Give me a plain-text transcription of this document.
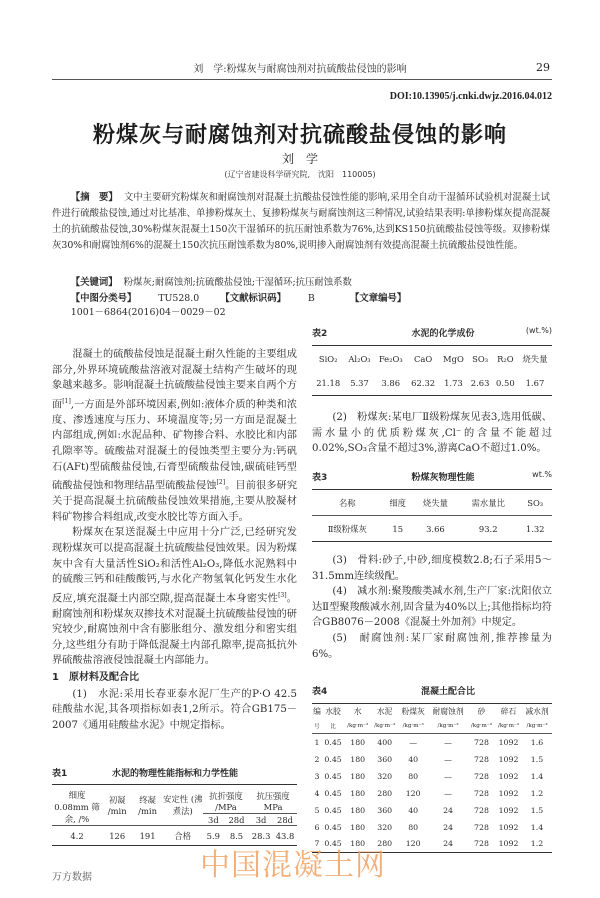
刘　学:粉煤灰与耐腐蚀剂对抗硫酸盐侵蚀的影响	29
DOI:10.13905/j.cnki.dwjz.2016.04.012
粉煤灰与耐腐蚀剂对抗硫酸盐侵蚀的影响
刘　学
(辽宁省建设科学研究院,　沈阳　110005)
【摘　要】 文中主要研究粉煤灰和耐腐蚀剂对混凝土抗酸盐侵蚀性能的影响,采用全自动干湿循环试验机对混凝土试件进行硫酸盐侵蚀,通过对比基准、单掺粉煤灰土、复掺粉煤灰与耐腐蚀剂这三种情况,试验结果表明:单掺粉煤灰提高混凝土的抗硫酸盐侵蚀,30%粉煤灰混凝土150次干湿循环的抗压耐蚀系数为76%,达到KS150抗硫酸盐侵蚀等级。双掺粉煤灰30%和耐腐蚀剂6%的混凝土150次抗压耐蚀系数为80%,说明掺入耐腐蚀剂有效提高混凝土抗硫酸盐侵蚀性能。
【关键词】 粉煤灰;耐腐蚀剂;抗硫酸盐侵蚀;干湿循环;抗压耐蚀系数
【中图分类号】 TU528.0 【文献标识码】 B	【文章编号】 1001－6864(2016)04－0029－02

混凝土的硫酸盐侵蚀是混凝土耐久性能的主要组成部分,外界环境硫酸盐溶液对混凝土结构产生破坏的现象越来越多。影响混凝土抗硫酸盐侵蚀主要来自两个方面[1],一方面是外部环境因素,例如:液体介质的种类和浓度、渗透速度与压力、环境温度等;另一方面是混凝土内部组成,例如:水泥品种、矿物掺合料、水胶比和内部孔隙率等。硫酸盐对混凝土的侵蚀类型主要分为:钙矾石(AFt)型硫酸盐侵蚀,石膏型硫酸盐侵蚀,碳硫硅钙型硫酸盐侵蚀和物理结晶型硫酸盐侵蚀[2]。目前很多研究关于提高混凝土抗硫酸盐侵蚀效果措施,主要从胶凝材料矿物掺合料组成,改变水胶比等方面入手。

粉煤灰在泵送混凝土中应用十分广泛,已经研究发现粉煤灰可以提高混凝土抗硫酸盐侵蚀效果。因为粉煤灰中含有大量活性SiO₂和活性Al₂O₃,降低水泥熟料中的硫酸三钙和硅酸酸钙,与水化产物氢氧化钙发生水化反应,填充混凝土内部空隙,提高混凝土本身密实性[3]。耐腐蚀剂和粉煤灰双掺技术对混凝土抗硫酸盐侵蚀的研究较少,耐腐蚀剂中含有膨胀组分、激发组分和密实组分,这些组分有助于降低混凝土内部孔隙率,提高抵抗外界硫酸盐溶液侵蚀混凝土内部能力。

1　原材料及配合比

(1)　水泥:采用长春亚泰水泥厂生产的P·O 42.5硅酸盐水泥,其各项指标如表1,2所示。符合GB175－2007《通用硅酸盐水泥》中规定指标。

表1	水泥的物理性能指标和力学性能
细度 0.08mm 筛余, /%	初凝 /min	终凝 /min	安定性 (沸煮法)	抗折强度 /MPa		抗压强度 MPa	
				3d	28d	3d	28d
4.2	126	191	合格	5.9	8.5	28.3	43.8
表2	水泥的化学成份	(wt.%)
SiO₂	Al₂O₃	Fe₂O₃	CaO	MgO	SO₃	R₂O	烧失量
21.18	5.37	3.86	62.32	1.73	2.63	0.50	1.67

(2)　粉煤灰:某电厂Ⅱ级粉煤灰见表3,选用低碳、需水量小的优质粉煤灰,Cl⁻的含量不能超过0.02%,SO₃含量不超过3%,游离CaO不超过1.0%。

表3	粉煤灰物理性能	wt.%
名称	细度	烧失量	需水量比	SO₃
Ⅱ级粉煤灰	15	3.66	93.2	1.32

(3)　骨料:砂子,中砂,细度模数2.8;石子采用5～31.5mm连续级配。

(4)　减水剂:聚羧酸类减水剂,生产厂家:沈阳依立达Ⅱ型聚羧酸减水剂,固含量为40%以上;其他指标均符合GB8076－2008《混凝土外加剂》中规定。

(5)　耐腐蚀剂:某厂家耐腐蚀剂,推荐掺量为6%。

表4	混凝土配合比
编	水胶	水	水泥	粉煤灰	耐腐蚀剂	砂	碎石	减水剂
号	比	/kg·m⁻³	/kg·m⁻³	/kg·m⁻³	/kg·m⁻³	/kg·m⁻³	/kg·m⁻³	/kg·m⁻³
1	0.45	180	400	—	—	728	1092	1.6
2	0.45	180	360	40	—	728	1092	1.5
3	0.45	180	320	80	—	728	1092	1.4
4	0.45	180	280	120	—	728	1092	1.2
5	0.45	180	360	40	24	728	1092	1.5
6	0.45	180	320	80	24	728	1092	1.4
7	0.45	180	280	120	24	728	1092	1.2
中国混凝土网
万方数据
